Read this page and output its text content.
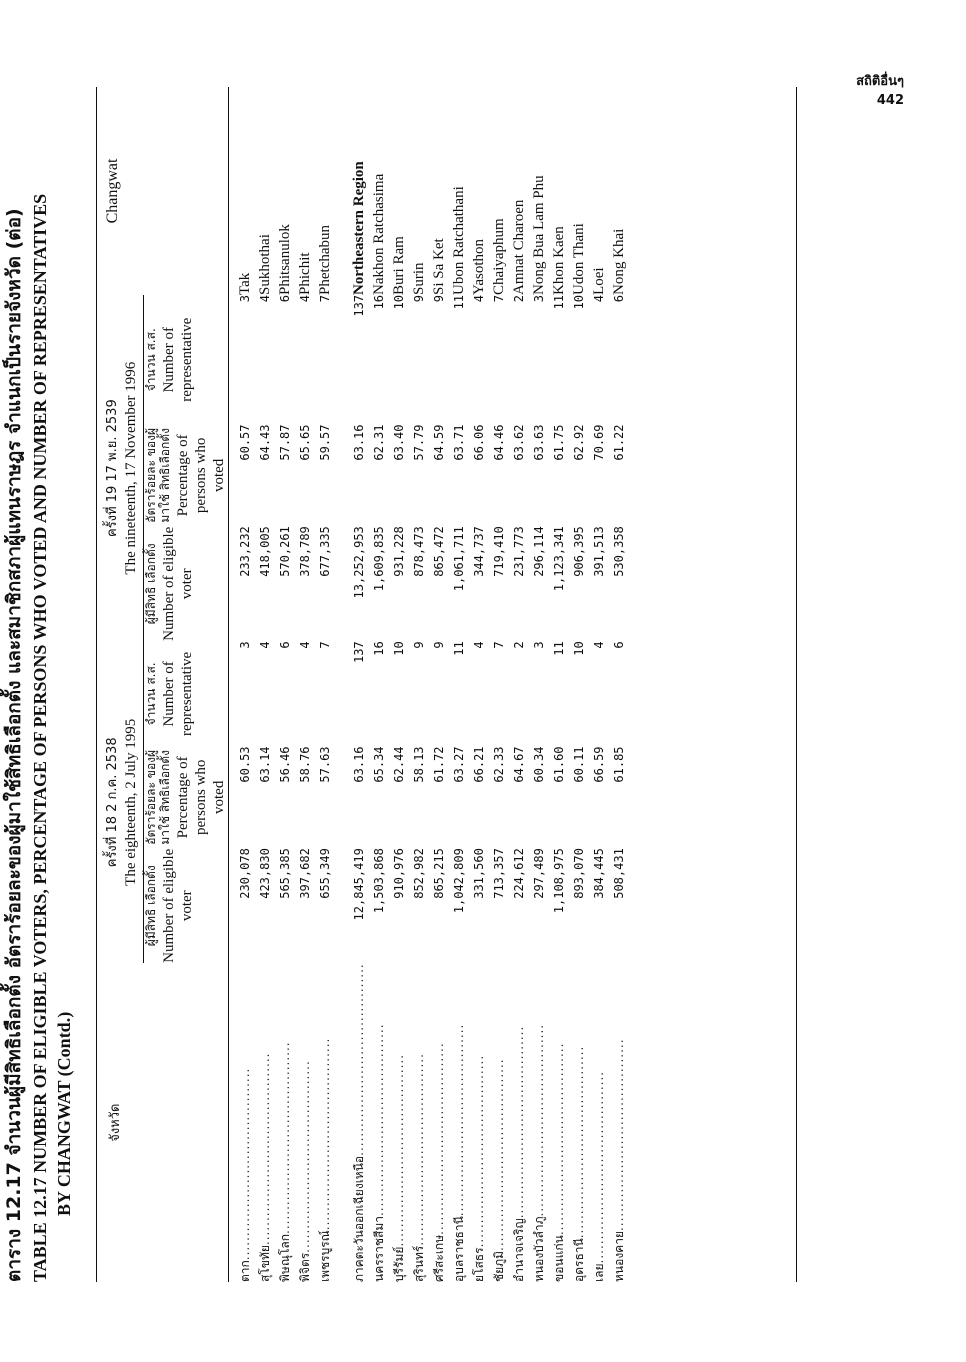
สถิติอื่นๆ
442
ตาราง 12.17 จำนวนผู้มีสิทธิเลือกตั้ง อัตราร้อยละของผู้มาใช้สิทธิเลือกตั้ง และสมาชิกสภาผู้แทนราษฎร จำแนกเป็นรายจังหวัด (ต่อ) TABLE 12.17 NUMBER OF ELIGIBLE VOTERS, PERCENTAGE OF PERSONS WHO VOTED AND NUMBER OF REPRESENTATIVES BY CHANGWAT (Contd.)	จังหวัด	ครั้งที่ 18 2 ก.ค. 2538 The eighteenth, 2 July 1995			ครั้งที่ 19 17 พ.ย. 2539 The nineteenth, 17 November 1996			Changwat

	ผู้มีสิทธิ เลือกตั้ง Number of eligible voter	อัตราร้อยละ ของผู้มาใช้ สิทธิเลือกตั้ง Percentage of persons who voted	จำนวน ส.ส. Number of representative	ผู้มีสิทธิ เลือกตั้ง Number of eligible voter	อัตราร้อยละ ของผู้มาใช้ สิทธิเลือกตั้ง Percentage of persons who voted	จำนวน ส.ส. Number of representative	

ตาก........................................	230,078	60.53	3	233,232	60.57	3	Tak
สุโขทัย........................................	423,830	63.14	4	418,005	64.43	4	Sukhothai
พิษณุโลก........................................	565,385	56.46	6	570,261	57.87	6	Phitsanulok
พิจิตร........................................	397,682	58.76	4	378,789	65.65	4	Phichit
เพชรบูรณ์........................................	655,349	57.63	7	677,335	59.57	7	Phetchabun

ภาคตะวันออกเฉียงเหนือ........................................	12,845,419	63.16	137	13,252,953	63.16	137	Northeastern Region
นครราชสีมา........................................	1,503,868	65.34	16	1,609,835	62.31	16	Nakhon Ratchasima
บุรีรัมย์........................................	910,976	62.44	10	931,228	63.40	10	Buri Ram
สุรินทร์........................................	852,982	58.13	9	878,473	57.79	9	Surin
ศรีสะเกษ........................................	865,215	61.72	9	865,472	64.59	9	Si Sa Ket
อุบลราชธานี........................................	1,042,809	63.27	11	1,061,711	63.71	11	Ubon Ratchathani
ยโสธร........................................	331,560	66.21	4	344,737	66.06	4	Yasothon
ชัยภูมิ........................................	713,357	62.33	7	719,410	64.46	7	Chaiyaphum
อำนาจเจริญ........................................	224,612	64.67	2	231,773	63.62	2	Amnat Charoen
หนองบัวลำภู........................................	297,489	60.34	3	296,114	63.63	3	Nong Bua Lam Phu
ขอนแก่น........................................	1,108,975	61.60	11	1,123,341	61.75	11	Khon Kaen
อุดรธานี........................................	893,070	60.11	10	906,395	62.92	10	Udon Thani
เลย........................................	384,445	66.59	4	391,513	70.69	4	Loei
หนองคาย........................................	508,431	61.85	6	530,358	61.22	6	Nong Khai
